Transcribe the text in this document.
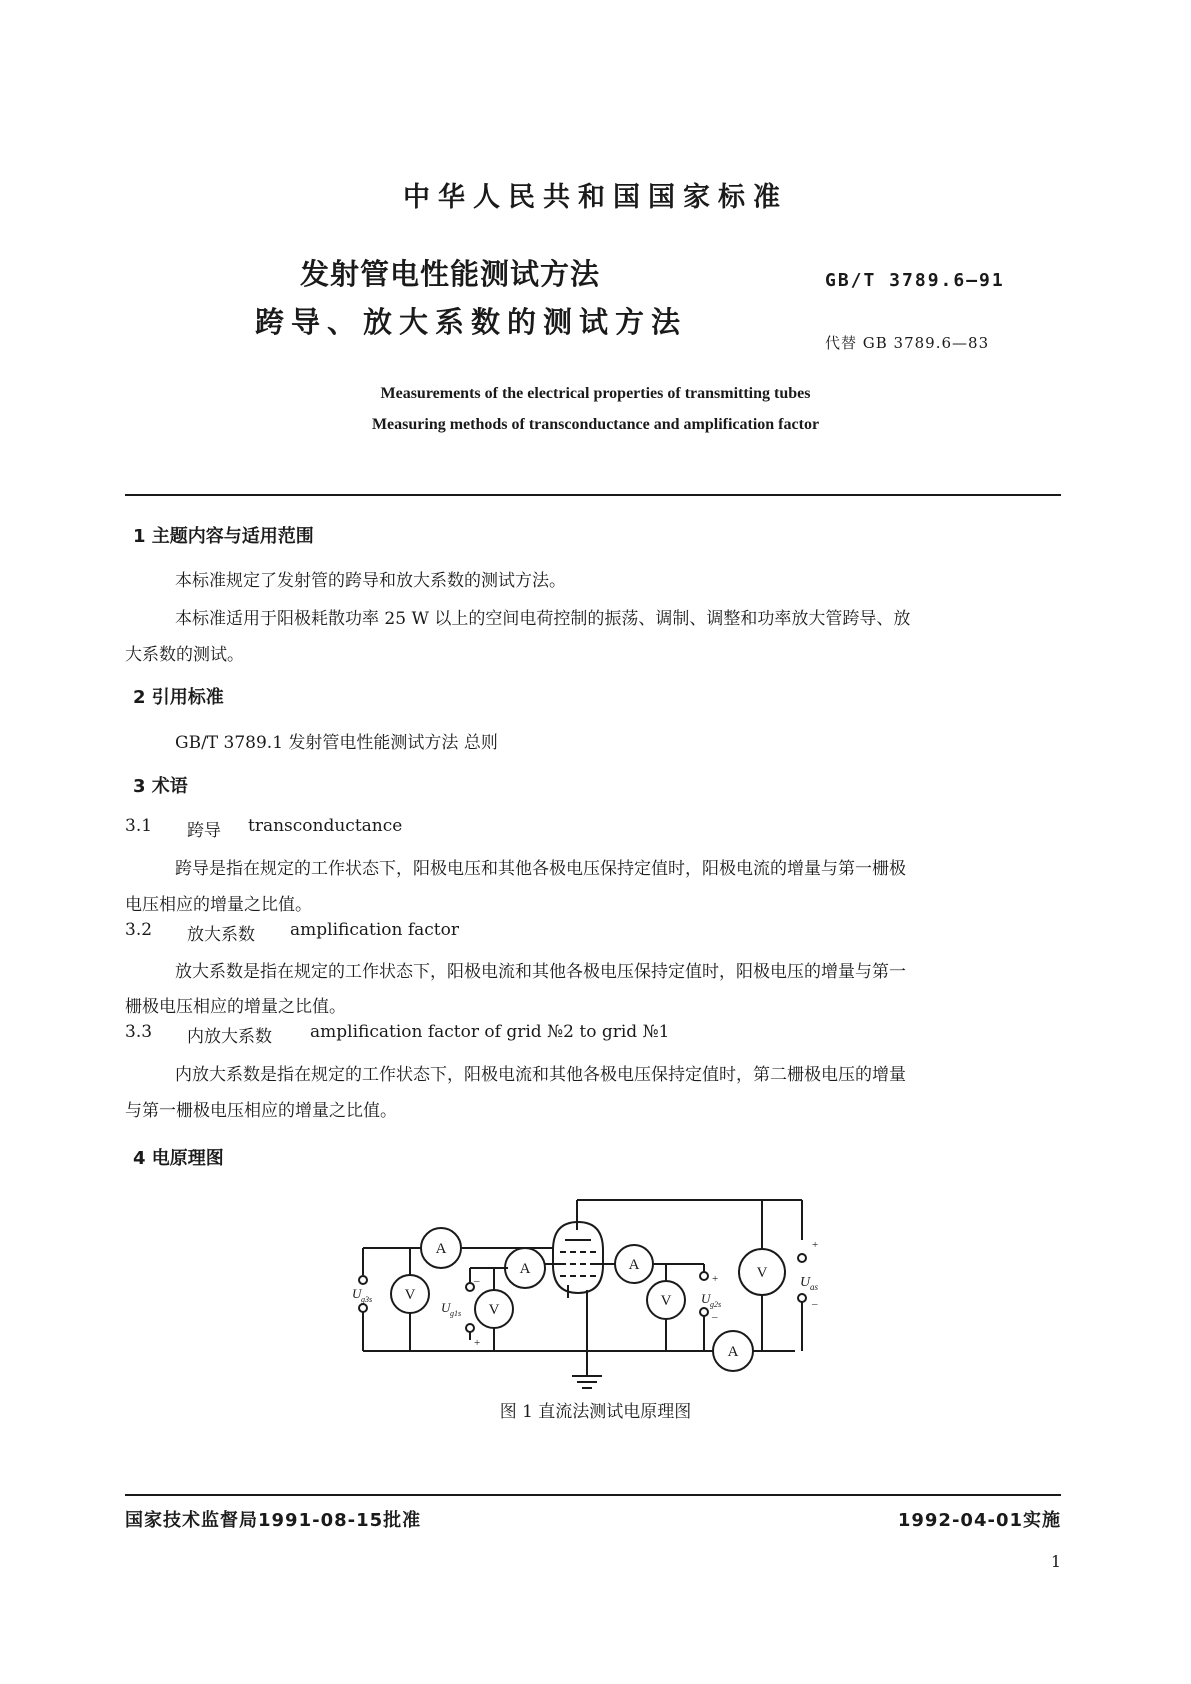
中华人民共和国国家标准
发射管电性能测试方法
跨导、放大系数的测试方法
GB/T 3789.6—91
代替 GB 3789.6—83
Measurements of the electrical properties of transmitting tubes
Measuring methods of transconductance and amplification factor
1 主题内容与适用范围
本标准规定了发射管的跨导和放大系数的测试方法。
本标准适用于阳极耗散功率 25 W 以上的空间电荷控制的振荡、调制、调整和功率放大管跨导、放
大系数的测试。
2 引用标准
GB/T 3789.1 发射管电性能测试方法 总则
3 术语
3.1 跨导 transconductance
跨导是指在规定的工作状态下，阳极电压和其他各极电压保持定值时，阳极电流的增量与第一栅极
电压相应的增量之比值。
3.2 放大系数 amplification factor
放大系数是指在规定的工作状态下，阳极电流和其他各极电压保持定值时，阳极电压的增量与第一
栅极电压相应的增量之比值。
3.3 内放大系数 amplification factor of grid №2 to grid №1
内放大系数是指在规定的工作状态下，阳极电流和其他各极电压保持定值时，第二栅极电压的增量
与第一栅极电压相应的增量之比值。
4 电原理图
A
V
A
V
A
V
V
A
U g3s
U g1s
U g2s
U as
–
+
+
–
+
–
图 1 直流法测试电原理图
国家技术监督局1991-08-15批准	1992-04-01实施
1
